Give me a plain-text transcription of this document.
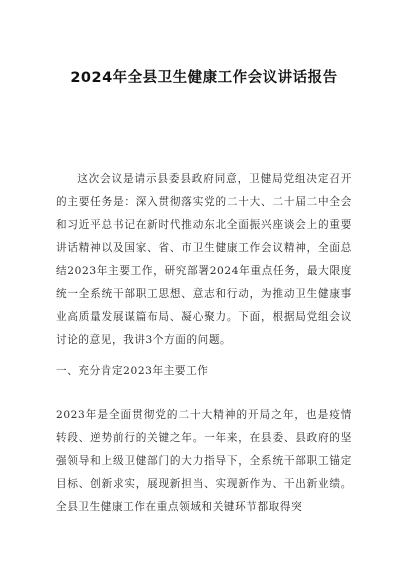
2024年全县卫生健康工作会议讲话报告

这次会议是请示县委县政府同意，卫健局党组决定召开的主要任务是：深入贯彻落实党的二十大、二十届二中全会和习近平总书记在新时代推动东北全面振兴座谈会上的重要讲话精神以及国家、省、市卫生健康工作会议精神，全面总结2023年主要工作，研究部署2024年重点任务，最大限度统一全系统干部职工思想、意志和行动，为推动卫生健康事业高质量发展谋篇布局、凝心聚力。下面，根据局党组会议讨论的意见，我讲3个方面的问题。

一、充分肯定2023年主要工作

2023年是全面贯彻党的二十大精神的开局之年，也是疫情转段、逆势前行的关键之年。一年来，在县委、县政府的坚强领导和上级卫健部门的大力指导下，全系统干部职工锚定目标、创新求实，展现新担当、实现新作为、干出新业绩。全县卫生健康工作在重点领域和关键环节都取得突
